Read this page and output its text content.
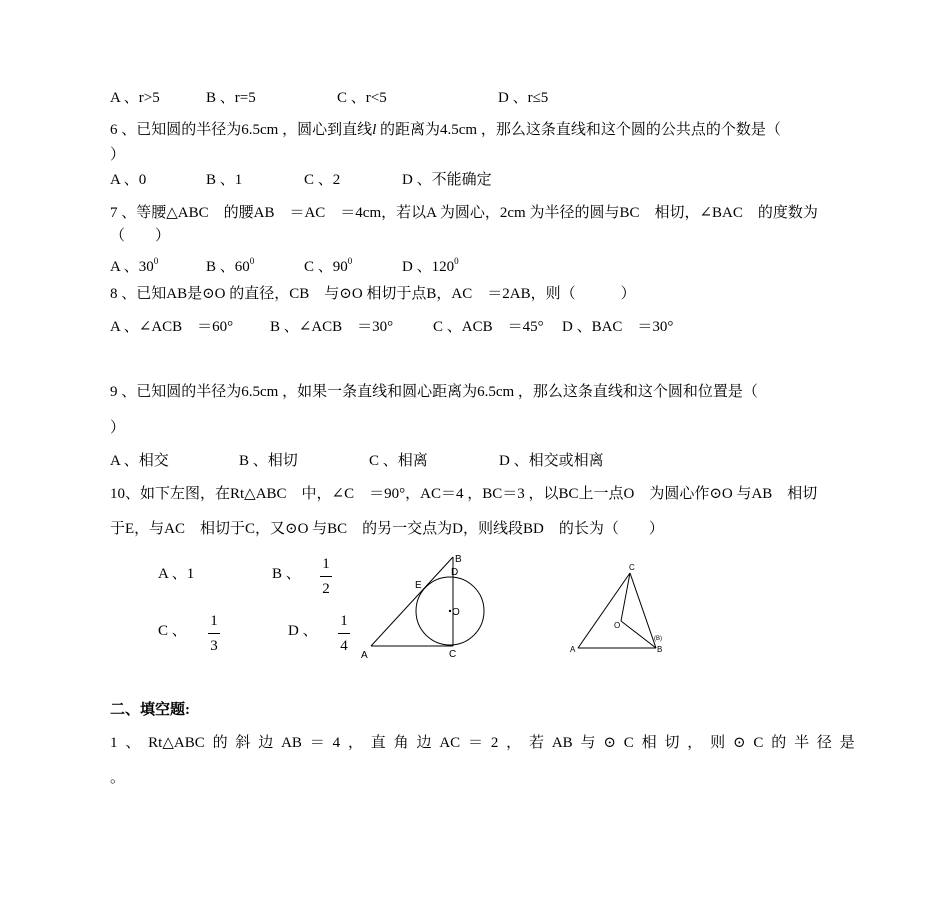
A 、r>5	B 、r=5	C 、r<5	D 、r≤5
6 、已知圆的半径为6.5cm ，圆心到直线l 的距离为4.5cm ，那么这条直线和这个圆的公共点的个数是（
）
A 、0	B 、1	C 、2	D 、不能确定
7 、等腰△ABC　的腰AB　＝AC　＝4cm，若以A 为圆心，2cm 为半径的圆与BC　相切，∠BAC　的度数为
（　　）
A 、$30^0$	B 、$60^0$	C 、$90^0$	D 、$120^0$
8 、已知AB是⊙O 的直径，CB　与⊙O 相切于点B，AC　＝2AB，则（　　　）
A 、∠ACB　＝60° B 、∠ACB　＝30°	C 、ACB　＝45° D 、BAC　＝30°
9 、已知圆的半径为6.5cm ，如果一条直线和圆心距离为6.5cm ，那么这条直线和这个圆和位置是（
）
A 、相交	B 、相切	C 、相离	D 、相交或相离
10、如下左图，在Rt△ABC　中，∠C　＝90°，AC＝4 ，BC＝3 ，以BC上一点O　为圆心作⊙O 与AB　相切
于E，与AC　相切于C，又⊙O 与BC　的另一交点为D，则线段BD　的长为（　　）
A 、1	B 、
1
2
C 、
1
3
D 、
1
4
B
D
E
O
A	C
C
O
A	B
(B)
二、填空题:
1 、 Rt△ABC 的 斜 边 AB ＝ 4 ， 直 角 边 AC ＝ 2 ， 若 AB 与 ⊙ C 相 切 ， 则 ⊙ C 的 半 径 是
。
